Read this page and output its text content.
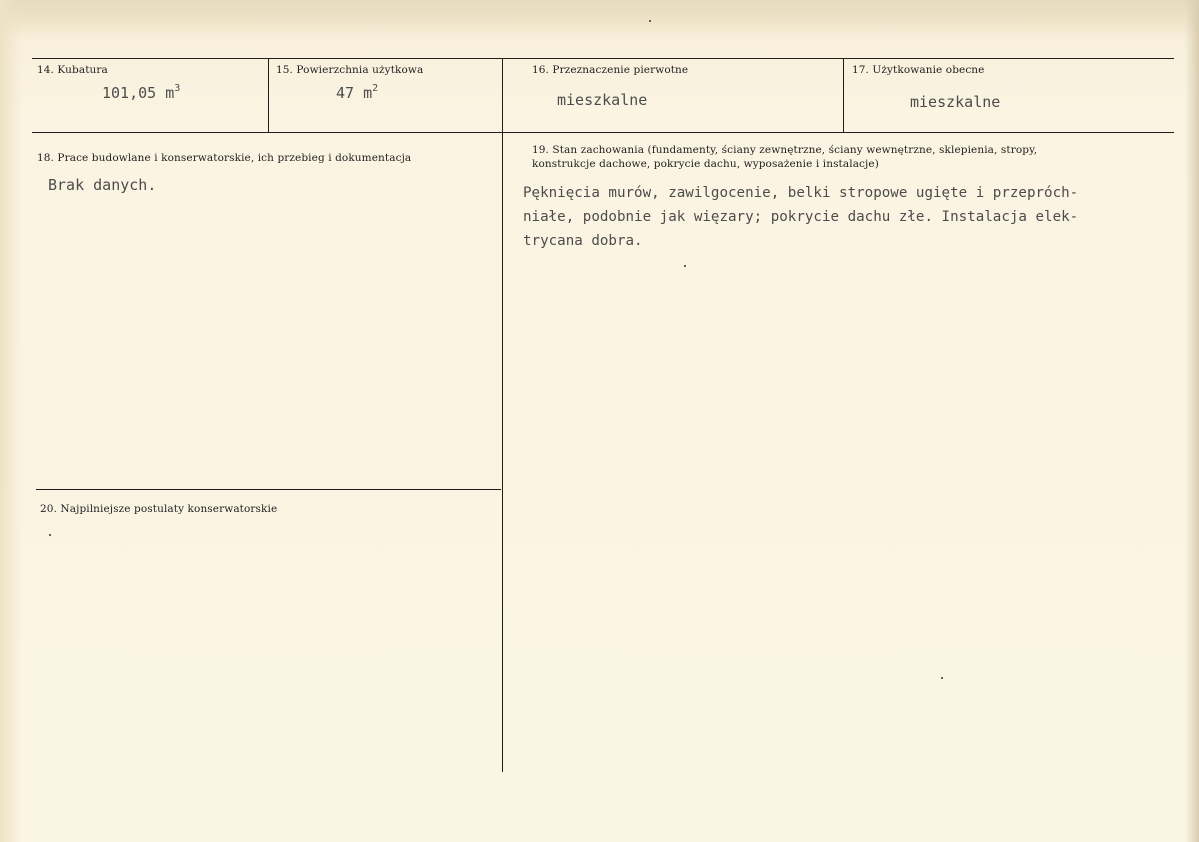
14. Kubatura
101,05 $m^3$
15. Powierzchnia użytkowa
47 $m^2$
16. Przeznaczenie pierwotne
mieszkalne
17. Użytkowanie obecne
mieszkalne
18. Prace budowlane i konserwatorskie, ich przebieg i dokumentacja
Brak danych.
19. Stan zachowania (fundamenty, ściany zewnętrzne, ściany wewnętrzne, sklepienia, stropy,
konstrukcje dachowe, pokrycie dachu, wyposażenie i instalacje)
Pęknięcia murów, zawilgocenie, belki stropowe ugięte i przepróch-
niałe, podobnie jak więzary; pokrycie dachu złe. Instalacja elek-
trycana dobra.
20. Najpilniejsze postulaty konserwatorskie
